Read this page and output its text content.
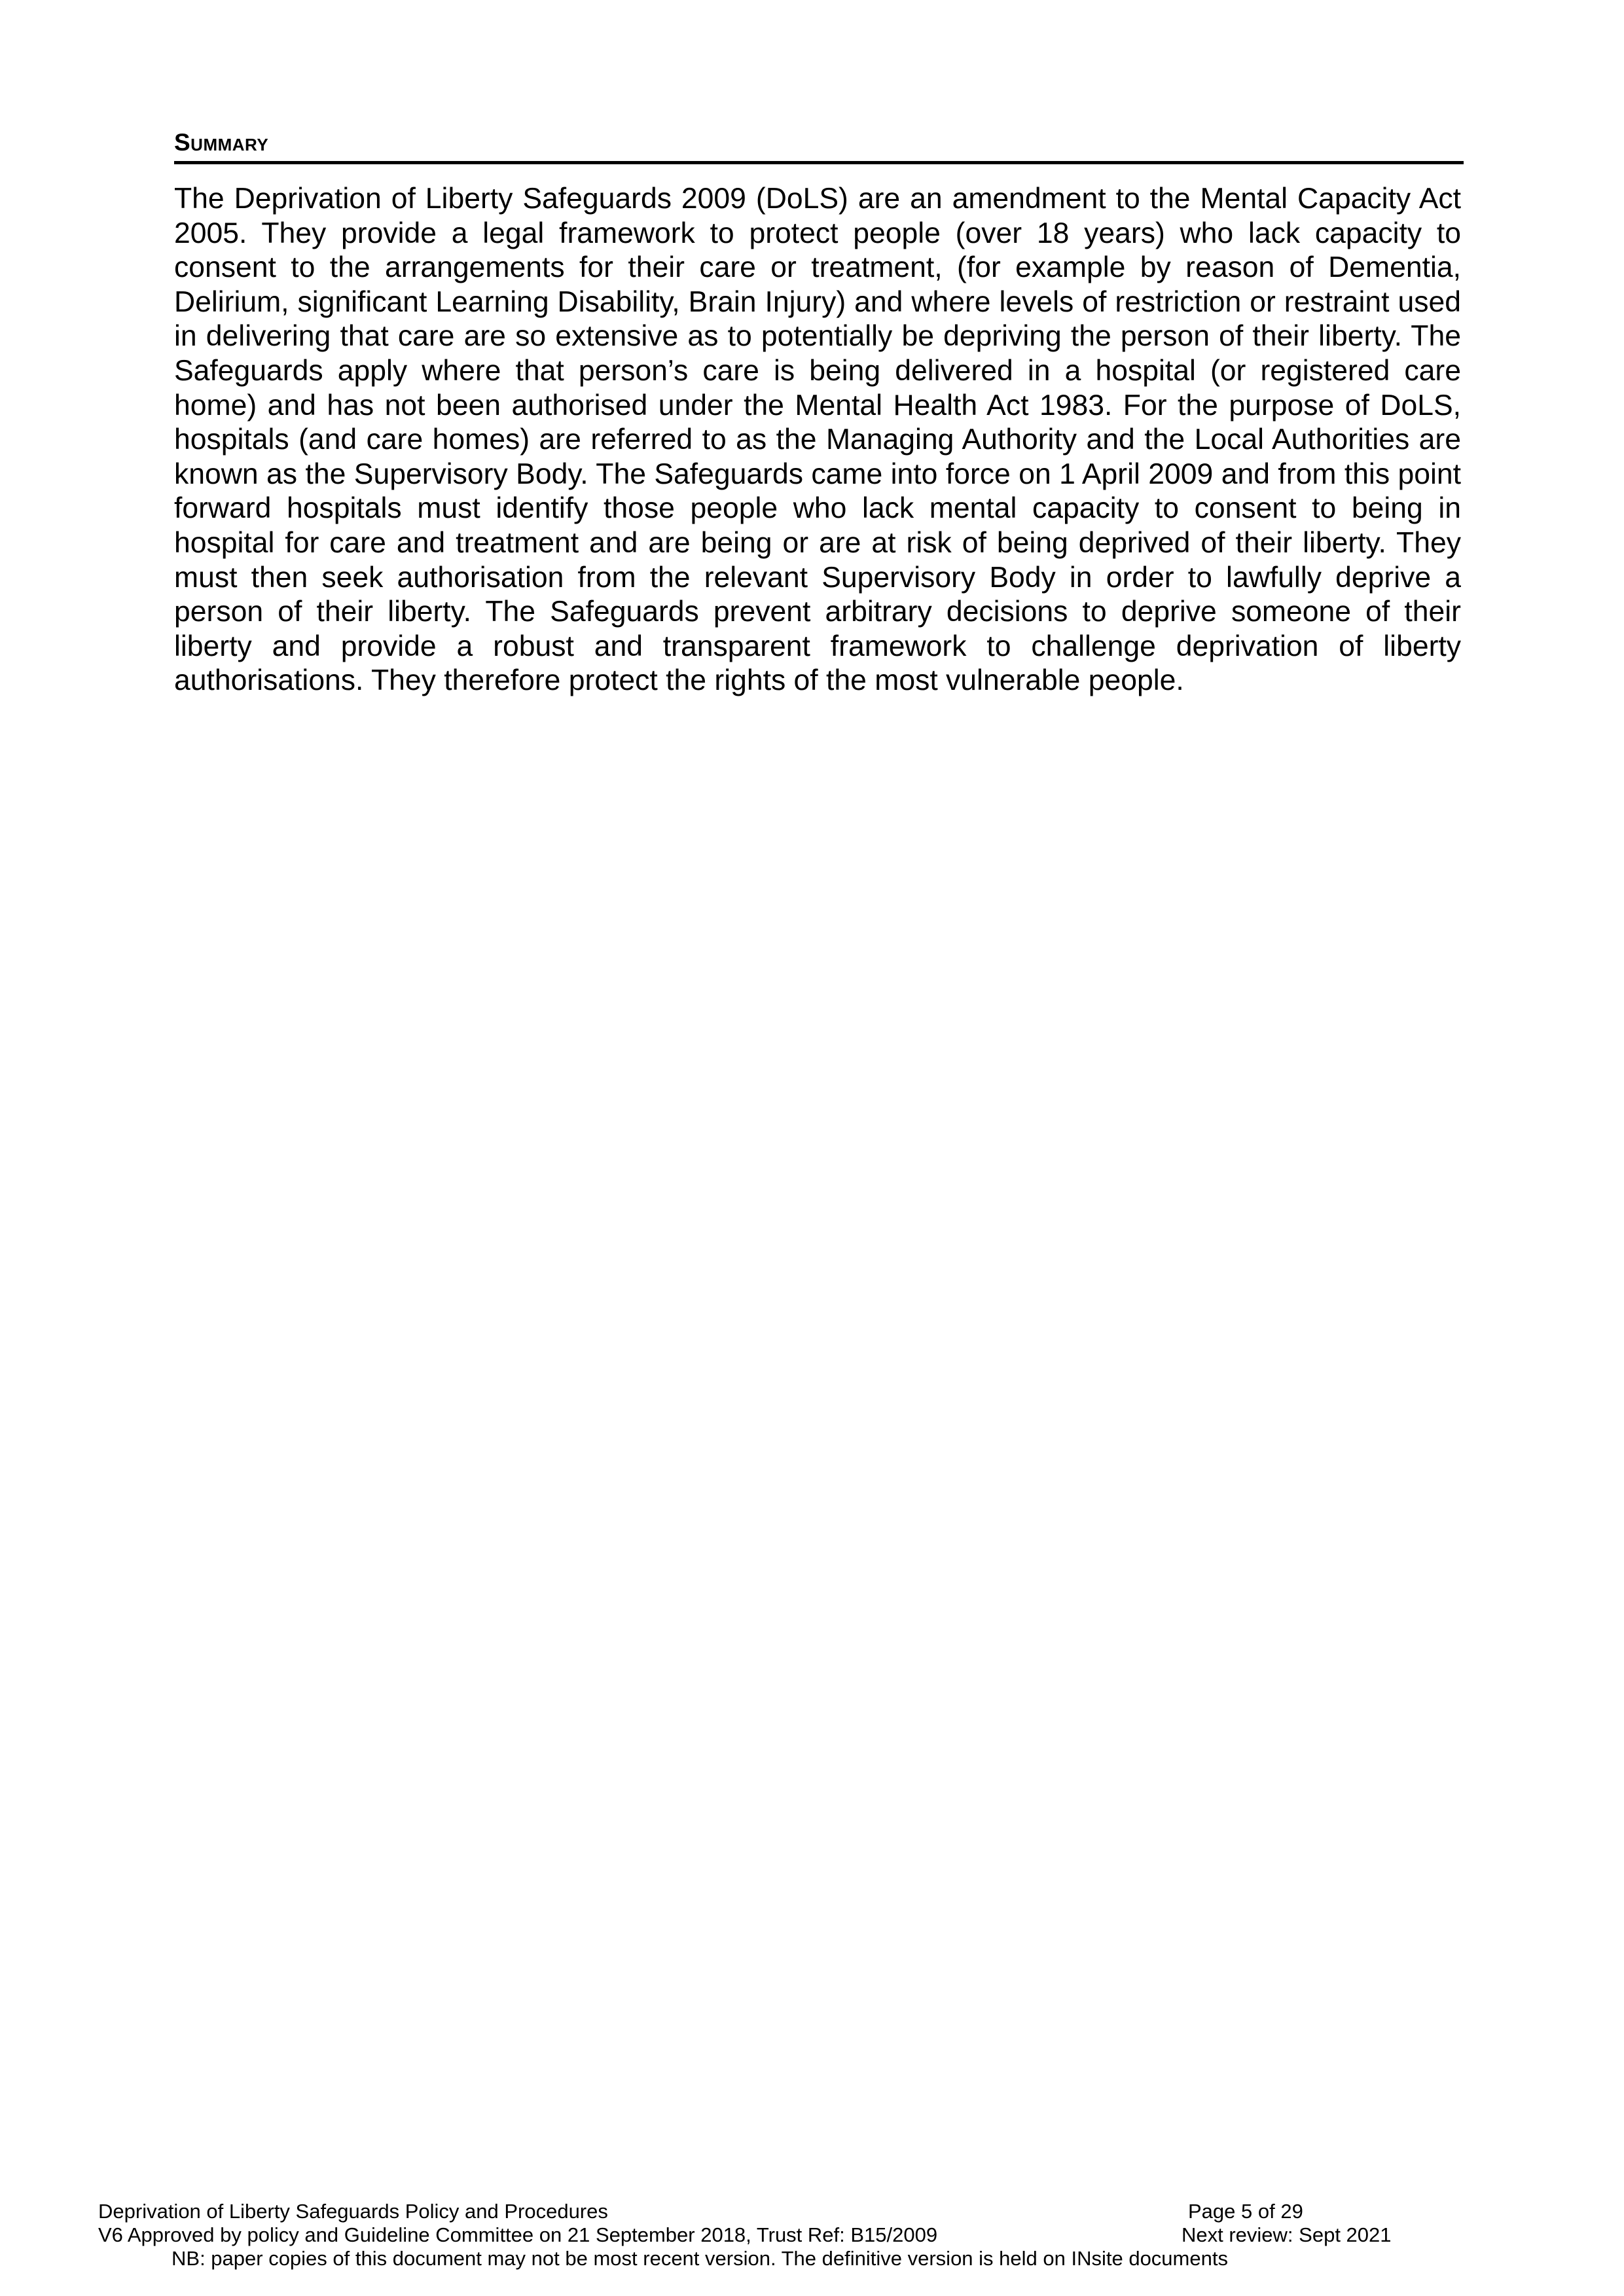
Summary

The Deprivation of Liberty Safeguards 2009 (DoLS) are an amendment to the Mental Capacity Act 2005. They provide a legal framework to protect people (over 18 years) who lack capacity to consent to the arrangements for their care or treatment, (for example by reason of Dementia, Delirium, significant Learning Disability, Brain Injury) and where levels of restriction or restraint used in delivering that care are so extensive as to potentially be depriving the person of their liberty. The Safeguards apply where that person’s care is being delivered in a hospital (or registered care home) and has not been authorised under the Mental Health Act 1983. For the purpose of DoLS, hospitals (and care homes) are referred to as the Managing Authority and the Local Authorities are known as the Supervisory Body. The Safeguards came into force on 1 April 2009 and from this point forward hospitals must identify those people who lack mental capacity to consent to being in hospital for care and treatment and are being or are at risk of being deprived of their liberty. They must then seek authorisation from the relevant Supervisory Body in order to lawfully deprive a person of their liberty. The Safeguards prevent arbitrary decisions to deprive someone of their liberty and provide a robust and transparent framework to challenge deprivation of liberty authorisations. They therefore protect the rights of the most vulnerable people.

Deprivation of Liberty Safeguards Policy and Procedures	Page 5 of 29
V6 Approved by policy and Guideline Committee on 21 September 2018, Trust Ref: B15/2009	Next review: Sept 2021
NB: paper copies of this document may not be most recent version. The definitive version is held on INsite documents
